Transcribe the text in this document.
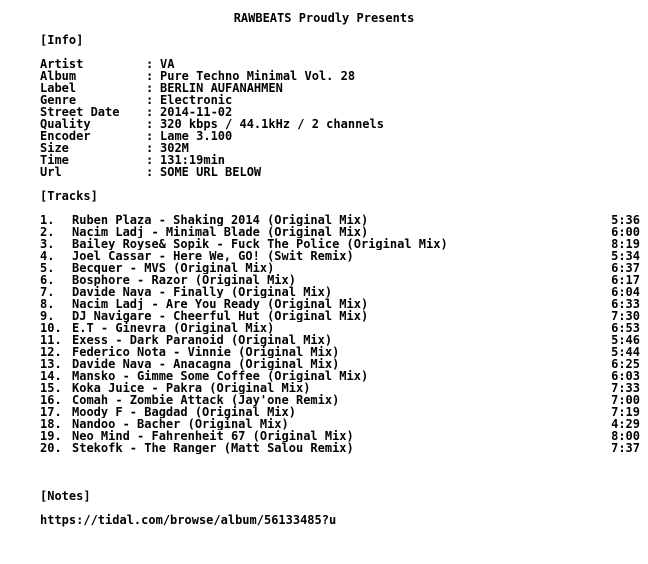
RAWBEATS Proudly Presents
[Info]
Artist	: VA
Album	: Pure Techno Minimal Vol. 28
Label	: BERLIN AUFANAHMEN
Genre	: Electronic
Street Date	: 2014-11-02
Quality	: 320 kbps / 44.1kHz / 2 channels
Encoder	: Lame 3.100
Size	: 302M
Time	: 131:19min
Url	: SOME URL BELOW
[Tracks]
1.	Ruben Plaza - Shaking 2014 (Original Mix)	5:36
2.	Nacim Ladj - Minimal Blade (Original Mix)	6:00
3.	Bailey Royse& Sopik - Fuck The Police (Original Mix)	8:19
4.	Joel Cassar - Here We, GO! (Swit Remix)	5:34
5.	Becquer - MVS (Original Mix)	6:37
6.	Bosphore - Razor (Original Mix)	6:17
7.	Davide Nava - Finally (Original Mix)	6:04
8.	Nacim Ladj - Are You Ready (Original Mix)	6:33
9.	DJ Navigare - Cheerful Hut (Original Mix)	7:30
10. E.T - Ginevra (Original Mix)	6:53
11. Exess - Dark Paranoid (Original Mix)	5:46
12. Federico Nota - Vinnie (Original Mix)	5:44
13. Davide Nava - Anacagna (Original Mix)	6:25
14. Mansko - Gimme Some Coffee (Original Mix)	6:03
15. Koka Juice - Pakra (Original Mix)	7:33
16. Comah - Zombie Attack (Jay'one Remix)	7:00
17. Moody F - Bagdad (Original Mix)	7:19
18. Nandoo - Bacher (Original Mix)	4:29
19. Neo Mind - Fahrenheit 67 (Original Mix)	8:00
20. Stekofk - The Ranger (Matt Salou Remix)	7:37
[Notes]
https://tidal.com/browse/album/56133485?u
